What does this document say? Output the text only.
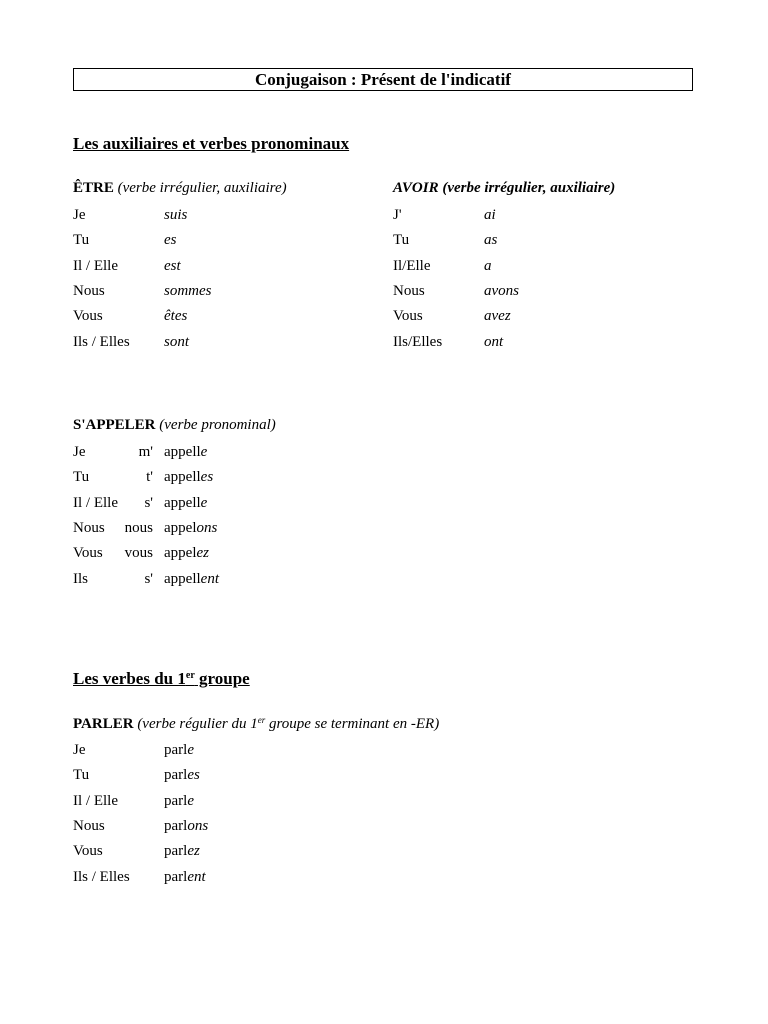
Conjugaison : Présent de l'indicatif
Les auxiliaires et verbes pronominaux
ÊTRE (verbe irrégulier, auxiliaire)
Je	suis
Tu	es
Il / Elle	est
Nous	sommes
Vous	êtes
Ils / Elles sont
AVOIR (verbe irrégulier, auxiliaire)
J'	ai
Tu	as
Il/Elle	a
Nous	avons
Vous	avez
Ils/Elles	ont
S'APPELER (verbe pronominal)
Je	m' appelle
Tu	t' appelles
Il / Elle	s' appelle
Nous nous appelons
Vous vous appelez
Ils	s' appellent
Les verbes du 1er groupe
PARLER (verbe régulier du 1er groupe se terminant en -ER)
Je	parle
Tu	parles
Il / Elle	parle
Nous	parlons
Vous	parlez
Ils / Elles parlent
